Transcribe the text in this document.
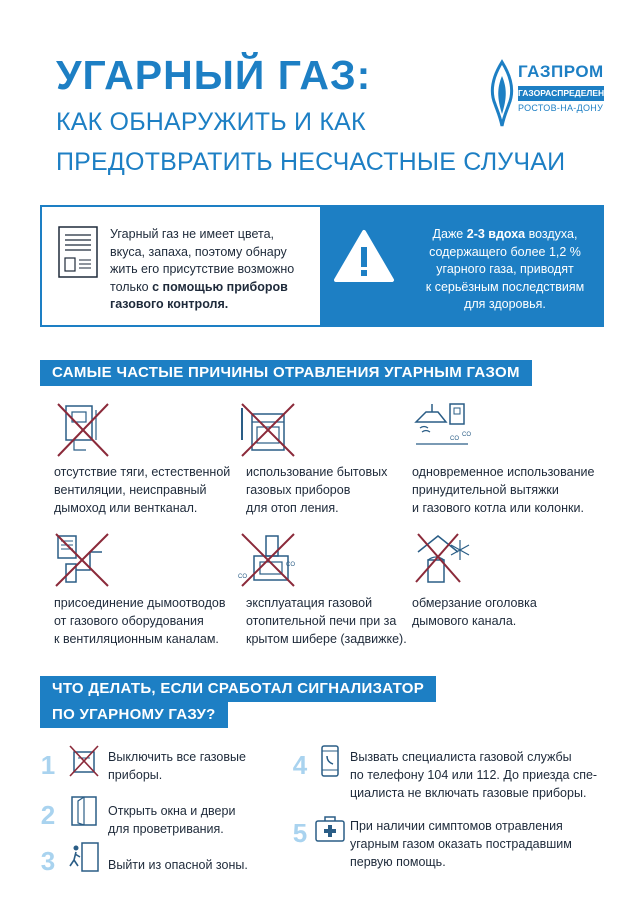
УГАРНЫЙ ГАЗ:
КАК ОБНАРУЖИТЬ И КАК
ПРЕДОТВРАТИТЬ НЕСЧАСТНЫЕ СЛУЧАИ
ГАЗПРОМ
ГАЗОРАСПРЕДЕЛЕНИЕ
РОСТОВ-НА-ДОНУ
Угарный газ не имеет цвета,
вкуса, запаха, поэтому обнару
жить его присутствие возможно
только с помощью приборов
газового контроля.
Даже 2-3 вдоха воздуха,
содержащего более 1,2 %
угарного газа, приводят
к серьёзным последствиям
для здоровья.
САМЫЕ ЧАСТЫЕ ПРИЧИНЫ ОТРАВЛЕНИЯ УГАРНЫМ ГАЗОМ
CO
CO
отсутствие тяги, естественной
вентиляции, неисправный
дымоход или вентканал.
использование бытовых
газовых приборов
для отоп ления.
одновременное использование
принудительной вытяжки
и газового котла или колонки.
CO
CO
присоединение дымоотводов
от газового оборудования
к вентиляционным каналам.
эксплуатация газовой
отопительной печи при за
крытом шибере (задвижке).
обмерзание оголовка
дымового канала.
ЧТО ДЕЛАТЬ, ЕСЛИ СРАБОТАЛ СИГНАЛИЗАТОР
ПО УГАРНОМУ ГАЗУ?
1	Выключить все газовые
приборы.
2	Открыть окна и двери
для проветривания.
3	Выйти из опасной зоны.
4	Вызвать специалиста газовой службы
по телефону 104 или 112. До приезда спе-
циалиста не включать газовые приборы.
5	При наличии симптомов отравления
угарным газом оказать пострадавшим
первую помощь.
